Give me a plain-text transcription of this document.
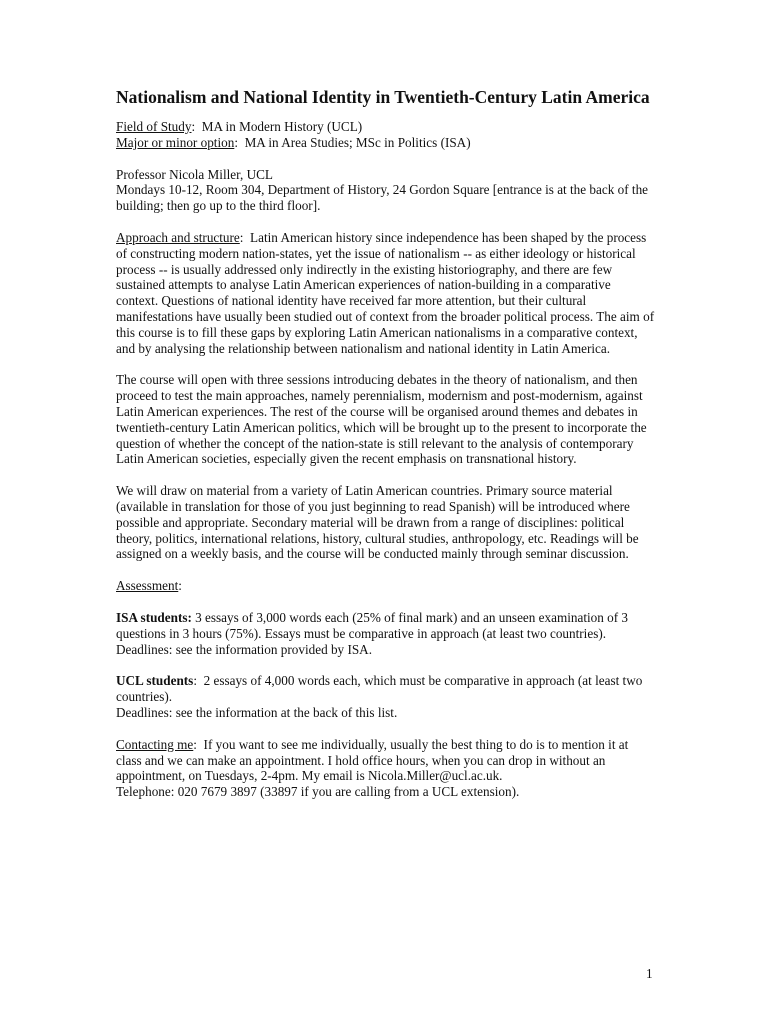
Nationalism and National Identity in Twentieth-Century Latin America

Field of Study:  MA in Modern History (UCL)
Major or minor option:  MA in Area Studies; MSc in Politics (ISA)

Professor Nicola Miller, UCL
Mondays 10-12, Room 304, Department of History, 24 Gordon Square [entrance is at the back of the building; then go up to the third floor].

Approach and structure:  Latin American history since independence has been shaped by the process of constructing modern nation-states, yet the issue of nationalism -- as either ideology or historical process -- is usually addressed only indirectly in the existing historiography, and there are few sustained attempts to analyse Latin American experiences of nation-building in a comparative context. Questions of national identity have received far more attention, but their cultural manifestations have usually been studied out of context from the broader political process. The aim of this course is to fill these gaps by exploring Latin American nationalisms in a comparative context, and by analysing the relationship between nationalism and national identity in Latin America.

The course will open with three sessions introducing debates in the theory of nationalism, and then proceed to test the main approaches, namely perennialism, modernism and post-modernism, against Latin American experiences. The rest of the course will be organised around themes and debates in twentieth-century Latin American politics, which will be brought up to the present to incorporate the question of whether the concept of the nation-state is still relevant to the analysis of contemporary Latin American societies, especially given the recent emphasis on transnational history.

We will draw on material from a variety of Latin American countries. Primary source material (available in translation for those of you just beginning to read Spanish) will be introduced where possible and appropriate. Secondary material will be drawn from a range of disciplines: political theory, politics, international relations, history, cultural studies, anthropology, etc. Readings will be assigned on a weekly basis, and the course will be conducted mainly through seminar discussion.

Assessment:

ISA students: 3 essays of 3,000 words each (25% of final mark) and an unseen examination of 3 questions in 3 hours (75%). Essays must be comparative in approach (at least two countries).
Deadlines: see the information provided by ISA.

UCL students:  2 essays of 4,000 words each, which must be comparative in approach (at least two countries).
Deadlines: see the information at the back of this list.

Contacting me:  If you want to see me individually, usually the best thing to do is to mention it at class and we can make an appointment. I hold office hours, when you can drop in without an appointment, on Tuesdays, 2-4pm. My email is Nicola.Miller@ucl.ac.uk.
Telephone: 020 7679 3897 (33897 if you are calling from a UCL extension).

1
